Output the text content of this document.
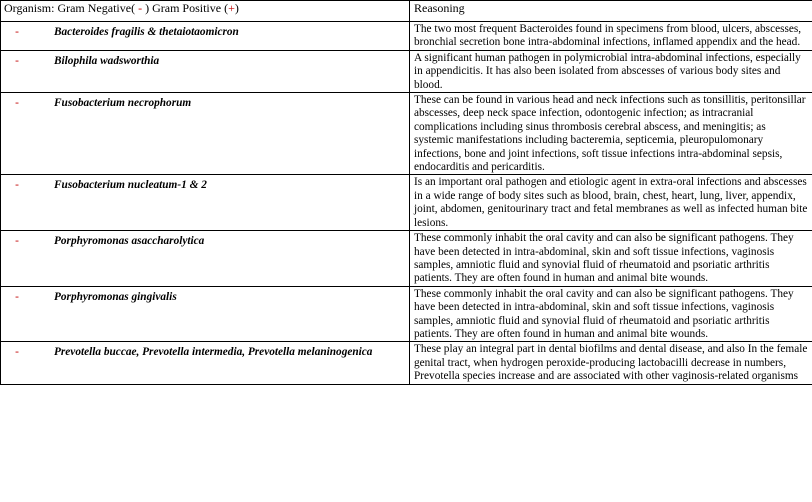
Organism: Gram Negative( - ) Gram Positive (+)	Reasoning

- Bacteroides fragilis & thetaiotaomicron	The two most frequent Bacteroides found in specimens from blood, ulcers, abscesses, bronchial secretion bone intra-abdominal infections, inflamed appendix and the head.

- Bilophila wadsworthia	A significant human pathogen in polymicrobial intra-abdominal infections, especially in appendicitis. It has also been isolated from abscesses of various body sites and blood.

- Fusobacterium necrophorum	These can be found in various head and neck infections such as tonsillitis, peritonsillar abscesses, deep neck space infection, odontogenic infection; as intracranial complications including sinus thrombosis cerebral abscess, and meningitis; as systemic manifestations including bacteremia, septicemia, pleuropulomonary infections, bone and joint infections, soft tissue infections intra-abdominal sepsis, endocarditis and pericarditis.

- Fusobacterium nucleatum-1 & 2	Is an important oral pathogen and etiologic agent in extra-oral infections and abscesses in a wide range of body sites such as blood, brain, chest, heart, lung, liver, appendix, joint, abdomen, genitourinary tract and fetal membranes as well as infected human bite lesions.

- Porphyromonas asaccharolytica	These commonly inhabit the oral cavity and can also be significant pathogens. They have been detected in intra-abdominal, skin and soft tissue infections, vaginosis samples, amniotic fluid and synovial fluid of rheumatoid and psoriatic arthritis patients. They are often found in human and animal bite wounds.

- Porphyromonas gingivalis	These commonly inhabit the oral cavity and can also be significant pathogens. They have been detected in intra-abdominal, skin and soft tissue infections, vaginosis samples, amniotic fluid and synovial fluid of rheumatoid and psoriatic arthritis patients. They are often found in human and animal bite wounds.

- Prevotella buccae, Prevotella intermedia, Prevotella melaninogenica	These play an integral part in dental biofilms and dental disease, and also In the female genital tract, when hydrogen peroxide-producing lactobacilli decrease in numbers, Prevotella species increase and are associated with other vaginosis-related organisms
